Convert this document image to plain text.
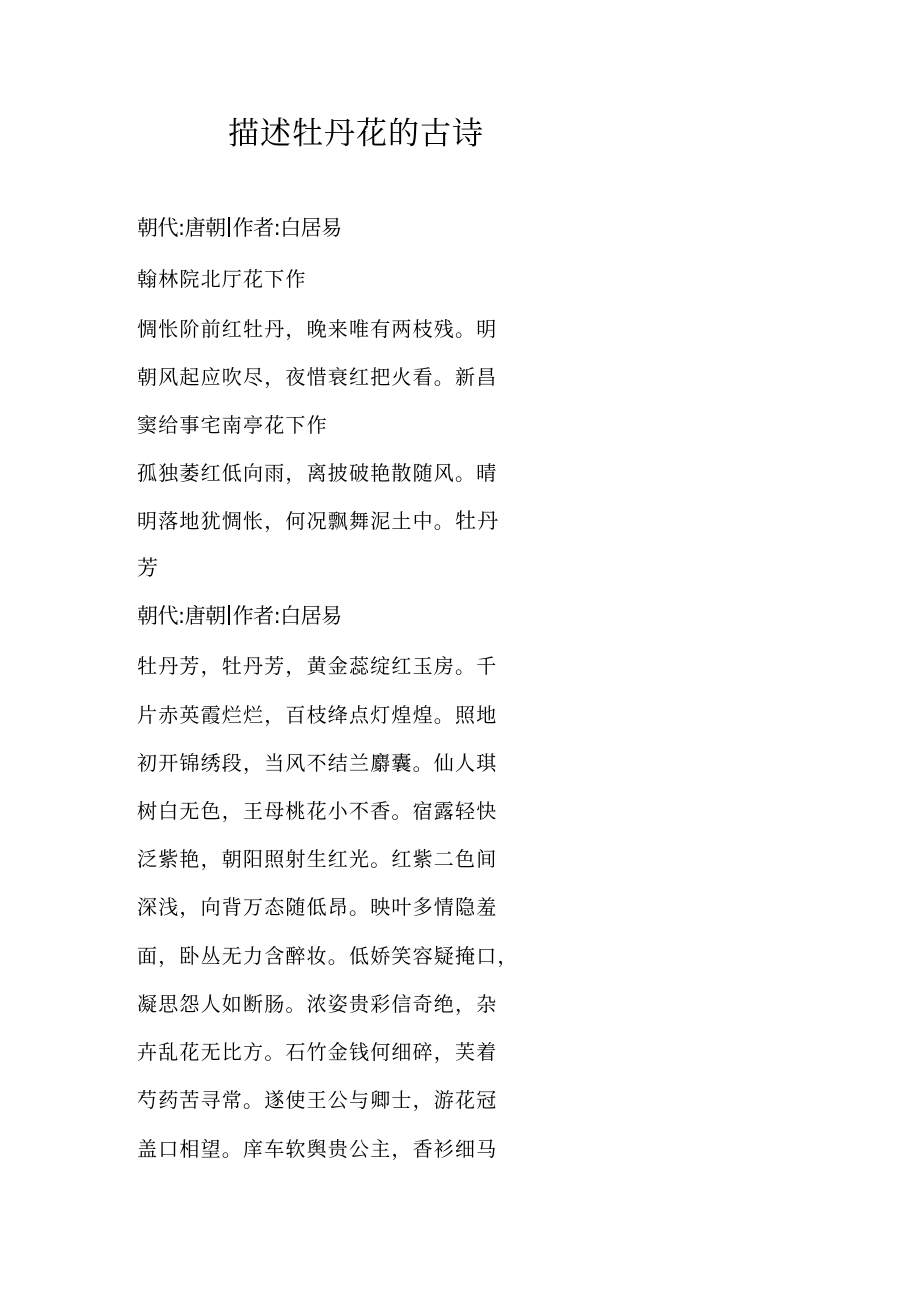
描述牡丹花的古诗
朝代:唐朝 作者:白居易
翰林院北厅花下作
惆怅阶前红牡丹，晚来唯有两枝残。明
朝风起应吹尽，夜惜衰红把火看。新昌
窦给事宅南亭花下作
孤独萎红低向雨，离披破艳散随风。晴
明落地犹惆怅，何况飘舞泥土中。牡丹
芳
朝代:唐朝 作者:白居易
牡丹芳，牡丹芳，黄金蕊绽红玉房。千
片赤英霞烂烂，百枝绛点灯煌煌。照地
初开锦绣段，当风不结兰麝囊。仙人琪
树白无色，王母桃花小不香。宿露轻快
泛紫艳，朝阳照射生红光。红紫二色间
深浅，向背万态随低昂。映叶多情隐羞
面，卧丛无力含醉妆。低娇笑容疑掩口，
凝思怨人如断肠。浓姿贵彩信奇绝，杂
卉乱花无比方。石竹金钱何细碎，芙着
芍药苦寻常。遂使王公与卿士，游花冠
盖口相望。庠车软舆贵公主，香衫细马
